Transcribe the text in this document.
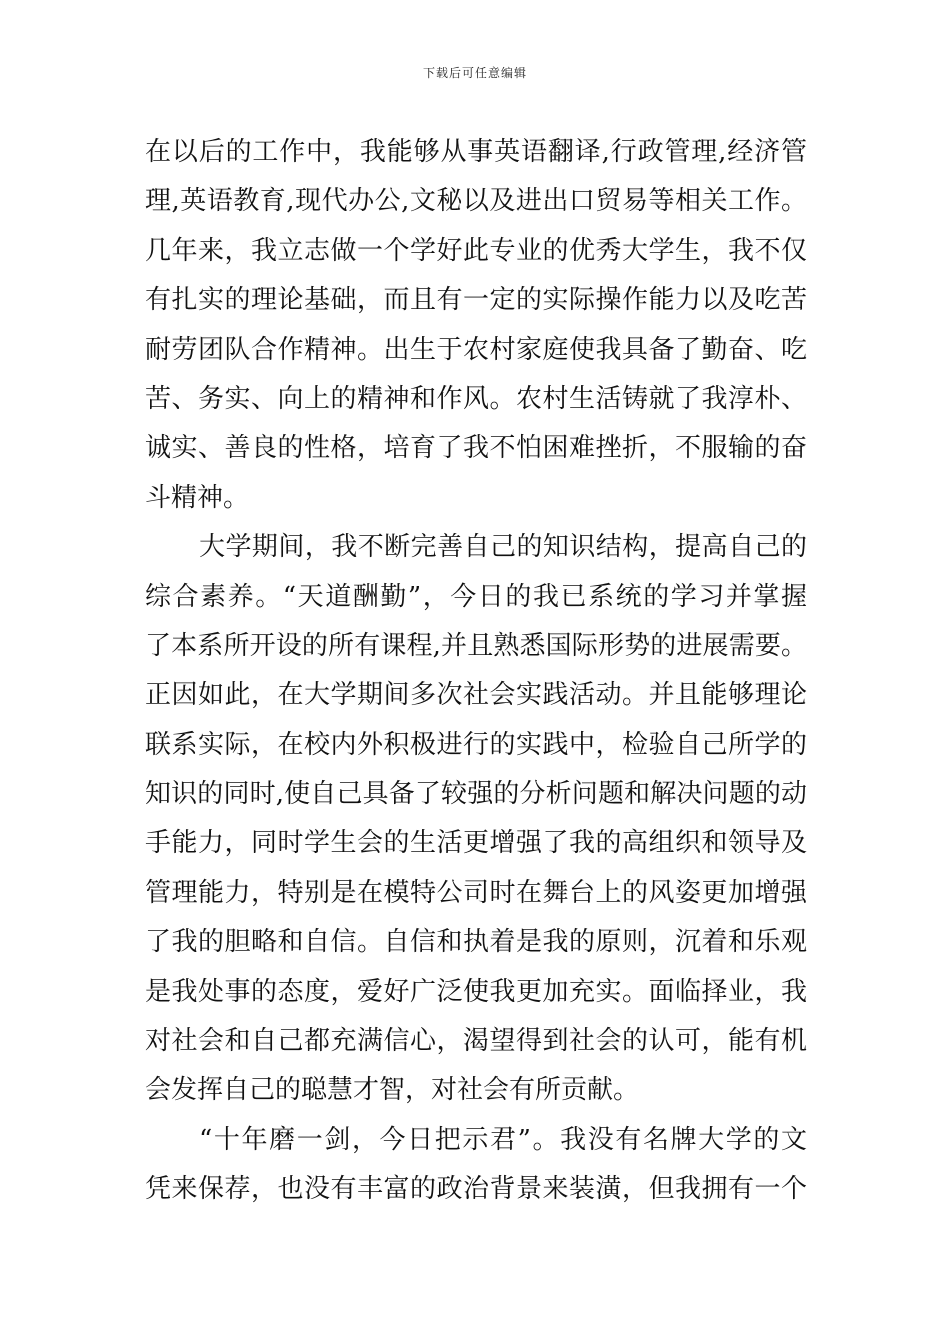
下载后可任意编辑
在以后的工作中，我能够从事英语翻译,行政管理,经济管
理,英语教育,现代办公,文秘以及进出口贸易等相关工作。
几年来，我立志做一个学好此专业的优秀大学生，我不仅
有扎实的理论基础，而且有一定的实际操作能力以及吃苦
耐劳团队合作精神。出生于农村家庭使我具备了勤奋、吃
苦、务实、向上的精神和作风。农村生活铸就了我淳朴、
诚实、善良的性格，培育了我不怕困难挫折，不服输的奋
斗精神。
大学期间，我不断完善自己的知识结构，提高自己的
综合素养。“天道酬勤”，今日的我已系统的学习并掌握
了本系所开设的所有课程,并且熟悉国际形势的进展需要。
正因如此，在大学期间多次社会实践活动。并且能够理论
联系实际，在校内外积极进行的实践中，检验自己所学的
知识的同时,使自己具备了较强的分析问题和解决问题的动
手能力，同时学生会的生活更增强了我的高组织和领导及
管理能力，特别是在模特公司时在舞台上的风姿更加增强
了我的胆略和自信。自信和执着是我的原则，沉着和乐观
是我处事的态度，爱好广泛使我更加充实。面临择业，我
对社会和自己都充满信心，渴望得到社会的认可，能有机
会发挥自己的聪慧才智，对社会有所贡献。
“十年磨一剑，今日把示君”。我没有名牌大学的文
凭来保荐，也没有丰富的政治背景来装潢，但我拥有一个
